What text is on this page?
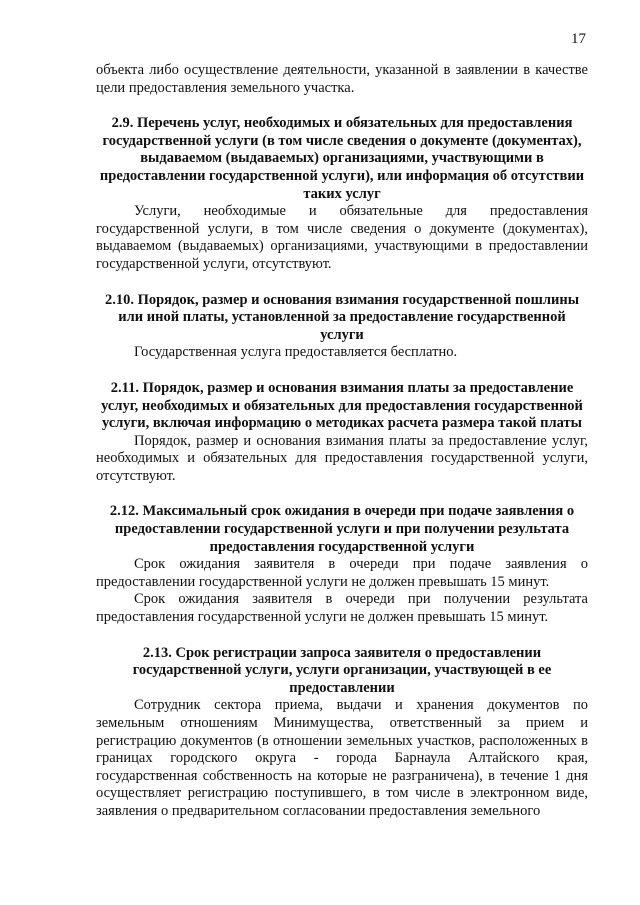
17

объекта либо осуществление деятельности, указанной в заявлении в качестве цели предоставления земельного участка.

2.9. Перечень услуг, необходимых и обязательных для предоставления государственной услуги (в том числе сведения о документе (документах), выдаваемом (выдаваемых) организациями, участвующими в предоставлении государственной услуги), или информация об отсутствии таких услуг

Услуги, необходимые и обязательные для предоставления государственной услуги, в том числе сведения о документе (документах), выдаваемом (выдаваемых) организациями, участвующими в предоставлении государственной услуги, отсутствуют.

2.10. Порядок, размер и основания взимания государственной пошлины или иной платы, установленной за предоставление государственной услуги

Государственная услуга предоставляется бесплатно.

2.11. Порядок, размер и основания взимания платы за предоставление услуг, необходимых и обязательных для предоставления государственной услуги, включая информацию о методиках расчета размера такой платы

Порядок, размер и основания взимания платы за предоставление услуг, необходимых и обязательных для предоставления государственной услуги, отсутствуют.

2.12. Максимальный срок ожидания в очереди при подаче заявления о предоставлении государственной услуги и при получении результата предоставления государственной услуги

Срок ожидания заявителя в очереди при подаче заявления о предоставлении государственной услуги не должен превышать 15 минут.

Срок ожидания заявителя в очереди при получении результата предоставления государственной услуги не должен превышать 15 минут.

2.13. Срок регистрации запроса заявителя о предоставлении государственной услуги, услуги организации, участвующей в ее предоставлении

Сотрудник сектора приема, выдачи и хранения документов по земельным отношениям Минимущества, ответственный за прием и регистрацию документов (в отношении земельных участков, расположенных в границах городского округа - города Барнаула Алтайского края, государственная собственность на которые не разграничена), в течение 1 дня осуществляет регистрацию поступившего, в том числе в электронном виде, заявления о предварительном согласовании предоставления земельного
